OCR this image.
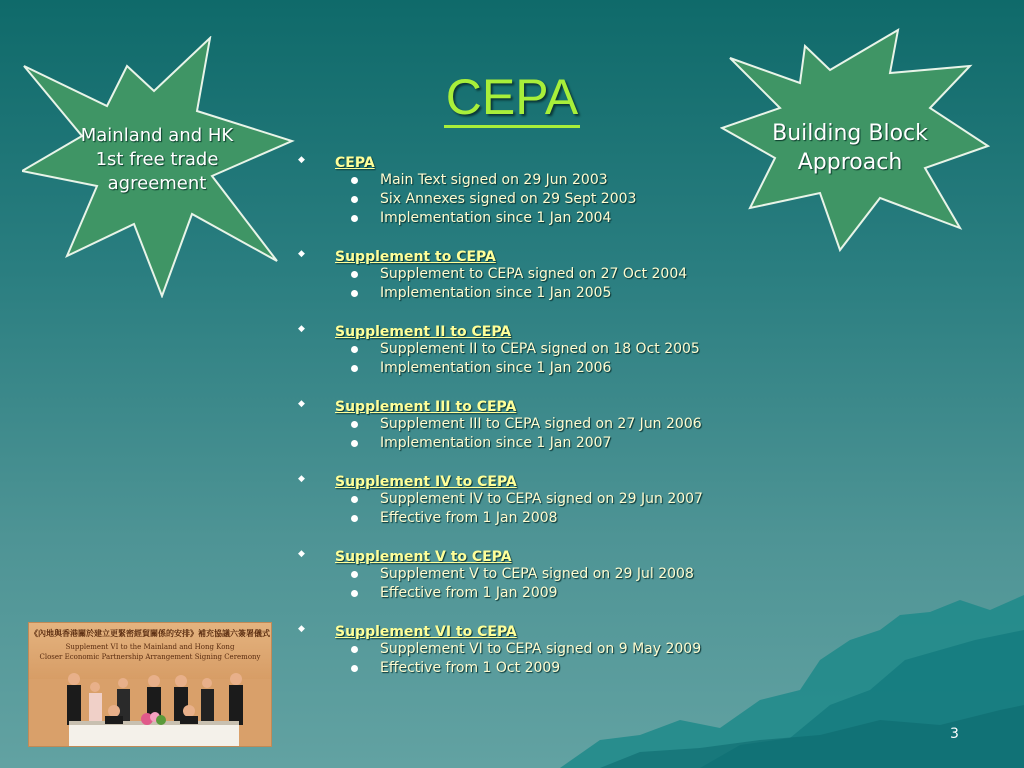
Mainland and HK
1st free trade
agreement
Building Block
Approach
CEPA
◆ CEPA
Main Text signed on 29 Jun 2003
Six Annexes signed on 29 Sept 2003
Implementation since 1 Jan 2004
◆ Supplement to CEPA
Supplement to CEPA signed on 27 Oct 2004
Implementation since 1 Jan 2005
◆ Supplement II to CEPA
Supplement II to CEPA signed on 18 Oct 2005
Implementation since 1 Jan 2006
◆ Supplement III to CEPA
Supplement III to CEPA signed on 27 Jun 2006
Implementation since 1 Jan 2007
◆ Supplement IV to CEPA
Supplement IV to CEPA signed on 29 Jun 2007
Effective from 1 Jan 2008
◆ Supplement V to CEPA
Supplement V to CEPA signed on 29 Jul 2008
Effective from 1 Jan 2009
◆ Supplement VI to CEPA
Supplement VI to CEPA signed on 9 May 2009
Effective from 1 Oct 2009
《內地與香港關於建立更緊密經貿關係的安排》補充協議六簽署儀式
Supplement VI to the Mainland and Hong Kong
Closer Economic Partnership Arrangement Signing Ceremony
3
